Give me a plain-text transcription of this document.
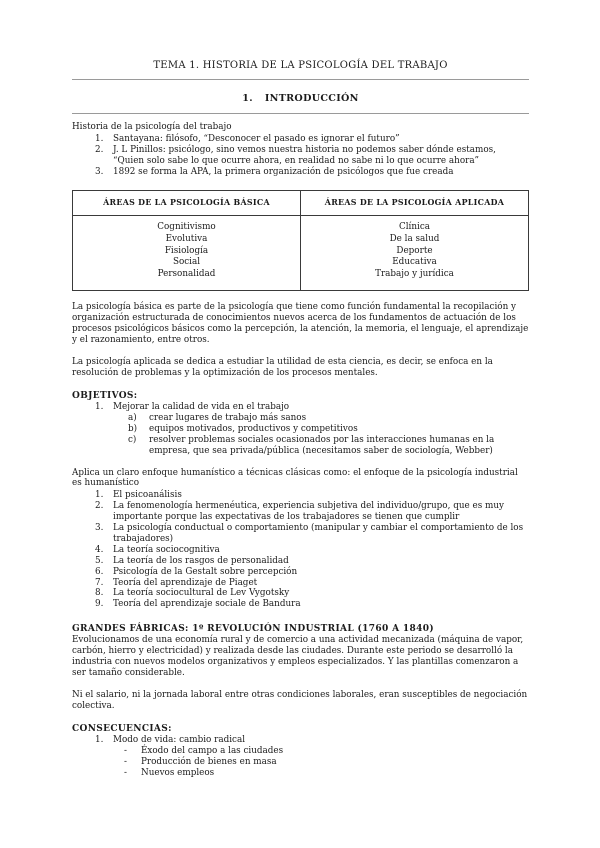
TEMA 1. HISTORIA DE LA PSICOLOGÍA DEL TRABAJO
1. INTRODUCCIÓN
Historia de la psicología del trabajo
1.	Santayana: filósofo, “Desconocer el pasado es ignorar el futuro”
2.	J. L Pinillos: psicólogo, sino vemos nuestra historia no podemos saber dónde estamos, “Quien solo sabe lo que ocurre ahora, en realidad no sabe ni lo que ocurre ahora”
3.	1892 se forma la APA, la primera organización de psicólogos que fue creada
ÁREAS DE LA PSICOLOGÍA BÁSICA	ÁREAS DE LA PSICOLOGÍA APLICADA

Cognitivismo
Evolutiva
Fisiología
Social
Personalidad

Clínica
De la salud
Deporte
Educativa
Trabajo y jurídica
La psicología básica es parte de la psicología que tiene como función fundamental la recopilación y organización estructurada de conocimientos nuevos acerca de los fundamentos de actuación de los procesos psicológicos básicos como la percepción, la atención, la memoria, el lenguaje, el aprendizaje y el razonamiento, entre otros.
La psicología aplicada se dedica a estudiar la utilidad de esta ciencia, es decir, se enfoca en la resolución de problemas y la optimización de los procesos mentales.
OBJETIVOS:
1.	Mejorar la calidad de vida en el trabajo
a)	crear lugares de trabajo más sanos
b)	equipos motivados, productivos y competitivos
c)	resolver problemas sociales ocasionados por las interacciones humanas en la empresa, que sea privada/pública (necesitamos saber de sociología, Webber)
Aplica un claro enfoque humanístico a técnicas clásicas como: el enfoque de la psicología industrial es humanístico
1.	El psicoanálisis
2.	La fenomenología hermenéutica, experiencia subjetiva del individuo/grupo, que es muy importante porque las expectativas de los trabajadores se tienen que cumplir
3.	La psicología conductual o comportamiento (manipular y cambiar el comportamiento de los trabajadores)
4.	La teoría sociocognitiva
5.	La teoría de los rasgos de personalidad
6.	Psicología de la Gestalt sobre percepción
7.	Teoría del aprendizaje de Piaget
8.	La teoría sociocultural de Lev Vygotsky
9.	Teoría del aprendizaje sociale de Bandura
GRANDES FÁBRICAS: 1º REVOLUCIÓN INDUSTRIAL (1760 A 1840)
Evolucionamos de una economía rural y de comercio a una actividad mecanizada (máquina de vapor, carbón, hierro y electricidad) y realizada desde las ciudades. Durante este periodo se desarrolló la industria con nuevos modelos organizativos y empleos especializados. Y las plantillas comenzaron a ser tamaño considerable.
Ni el salario, ni la jornada laboral entre otras condiciones laborales, eran susceptibles de negociación colectiva.
CONSECUENCIAS:
1.	Modo de vida: cambio radical
-	Éxodo del campo a las ciudades
-	Producción de bienes en masa
-	Nuevos empleos
